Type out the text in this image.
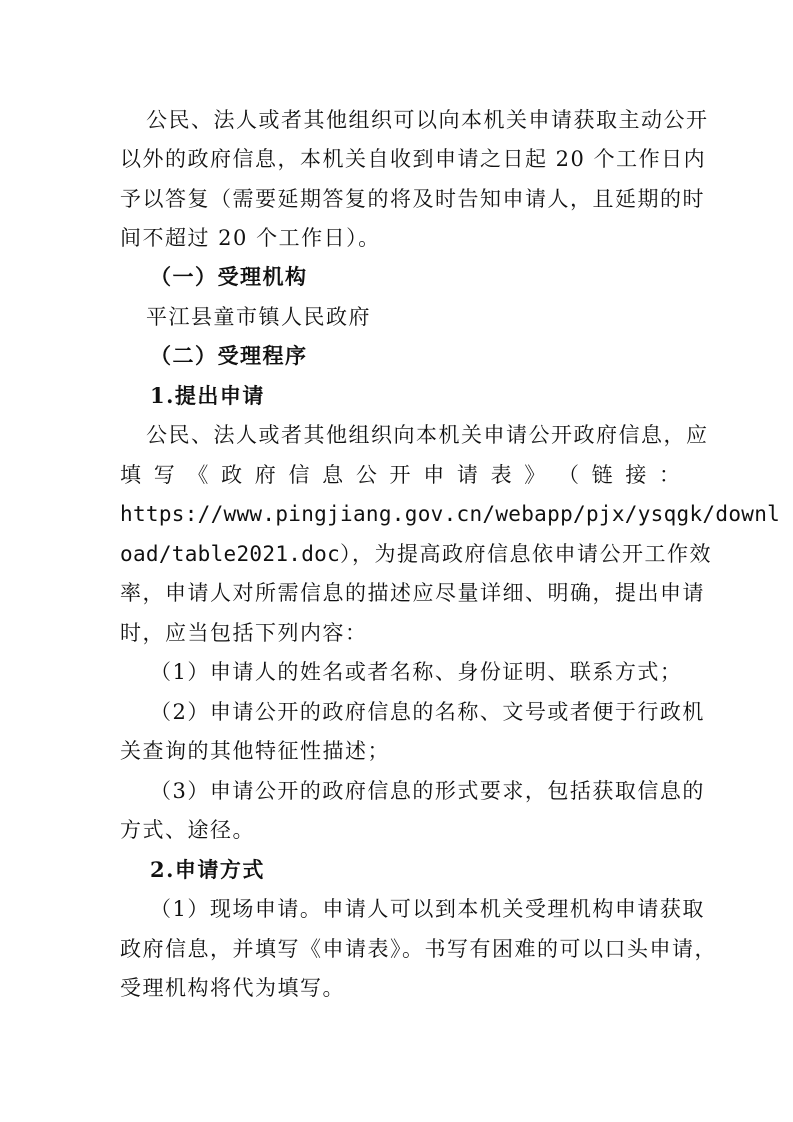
公民、法人或者其他组织可以向本机关申请获取主动公开
以外的政府信息，本机关自收到申请之日起 20 个工作日内
予以答复（需要延期答复的将及时告知申请人，且延期的时
间不超过 20 个工作日）。
（一）受理机构
平江县童市镇人民政府
（二）受理程序
1.提出申请
公民、法人或者其他组织向本机关申请公开政府信息，应
填 写 《 政 府 信 息 公 开 申 请 表 》 （ 链 接 ：
https://www.pingjiang.gov.cn/webapp/pjx/ysqgk/downl
oad/table2021.doc），为提高政府信息依申请公开工作效
率，申请人对所需信息的描述应尽量详细、明确，提出申请
时，应当包括下列内容：
（1）申请人的姓名或者名称、身份证明、联系方式；
（2）申请公开的政府信息的名称、文号或者便于行政机
关查询的其他特征性描述；
（3）申请公开的政府信息的形式要求，包括获取信息的
方式、途径。
2.申请方式
（1）现场申请。申请人可以到本机关受理机构申请获取
政府信息，并填写《申请表》。书写有困难的可以口头申请，
受理机构将代为填写。
